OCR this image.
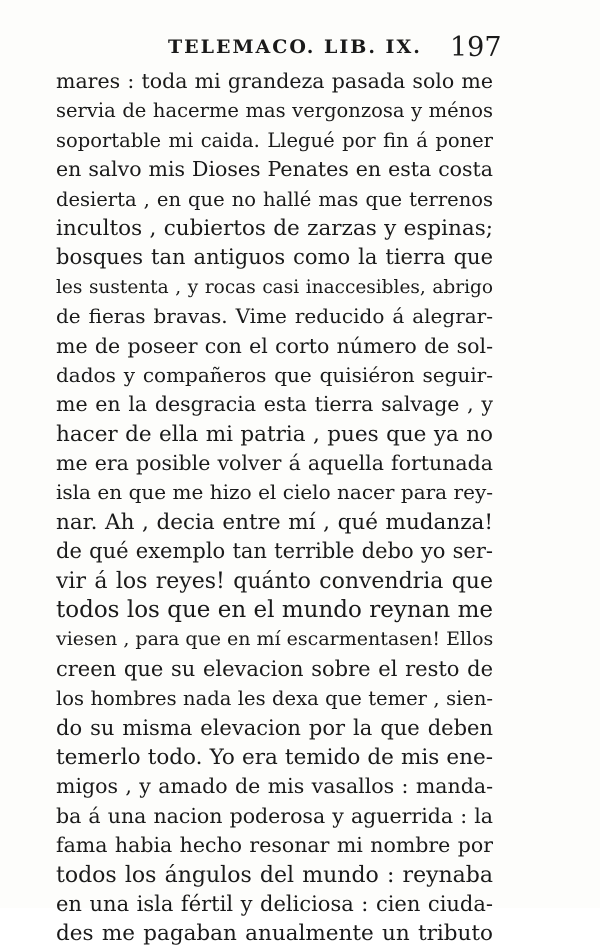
TELEMACO. LIB. IX. 197
mares : toda mi grandeza pasada solo me
servia de hacerme mas vergonzosa y ménos
soportable mi caida. Llegué por fin á poner
en salvo mis Dioses Penates en esta costa
desierta , en que no hallé mas que terrenos
incultos , cubiertos de zarzas y espinas;
bosques tan antiguos como la tierra que
les sustenta , y rocas casi inaccesibles, abrigo
de fieras bravas. Vime reducido á alegrar-
me de poseer con el corto número de sol-
dados y compañeros que quisiéron seguir-
me en la desgracia esta tierra salvage , y
hacer de ella mi patria , pues que ya no
me era posible volver á aquella fortunada
isla en que me hizo el cielo nacer para rey-
nar. Ah , decia entre mí , qué mudanza!
de qué exemplo tan terrible debo yo ser-
vir á los reyes! quánto convendria que
todos los que en el mundo reynan me
viesen , para que en mí escarmentasen! Ellos
creen que su elevacion sobre el resto de
los hombres nada les dexa que temer , sien-
do su misma elevacion por la que deben
temerlo todo. Yo era temido de mis ene-
migos , y amado de mis vasallos : manda-
ba á una nacion poderosa y aguerrida : la
fama habia hecho resonar mi nombre por
todos los ángulos del mundo : reynaba
en una isla fértil y deliciosa : cien ciuda-
des me pagaban anualmente un tributo
